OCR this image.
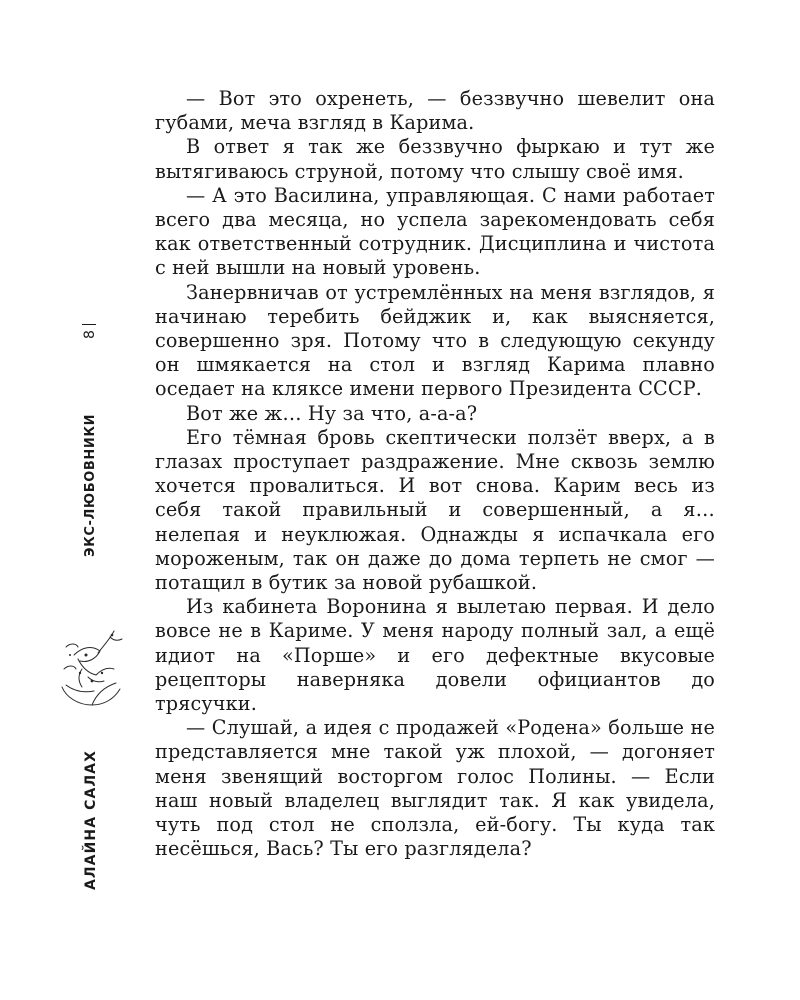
8
ЭКС-ЛЮБОВНИКИ
АЛАЙНА САЛАХ

— Вот это охренеть, — беззвучно шевелит она губами, меча взгляд в Карима.

В ответ я так же беззвучно фыркаю и тут же вытягиваюсь струной, потому что слышу своё имя.

— А это Василина, управляющая. С нами работает всего два месяца, но успела зарекомендовать себя как ответственный сотрудник. Дисциплина и чистота с ней вышли на новый уровень.

Занервничав от устремлённых на меня взглядов, я начинаю теребить бейджик и, как выясняется, совершенно зря. Потому что в следующую секунду он шмякается на стол и взгляд Карима плавно оседает на кляксе имени первого Президента СССР.

Вот же ж… Ну за что, а-а-а?

Его тёмная бровь скептически ползёт вверх, а в глазах проступает раздражение. Мне сквозь землю хочется провалиться. И вот снова. Карим весь из себя такой правильный и совершенный, а я… нелепая и неуклюжая. Однажды я испачкала его мороженым, так он даже до дома терпеть не смог — потащил в бутик за новой рубашкой.

Из кабинета Воронина я вылетаю первая. И дело вовсе не в Кариме. У меня народу полный зал, а ещё идиот на «Порше» и его дефектные вкусовые рецепторы наверняка довели официантов до трясучки.

— Слушай, а идея с продажей «Родена» больше не представляется мне такой уж плохой, — догоняет меня звенящий восторгом голос Полины. — Если наш новый владелец выглядит так. Я как увидела, чуть под стол не сползла, ей-богу. Ты куда так несёшься, Вась? Ты его разглядела?
